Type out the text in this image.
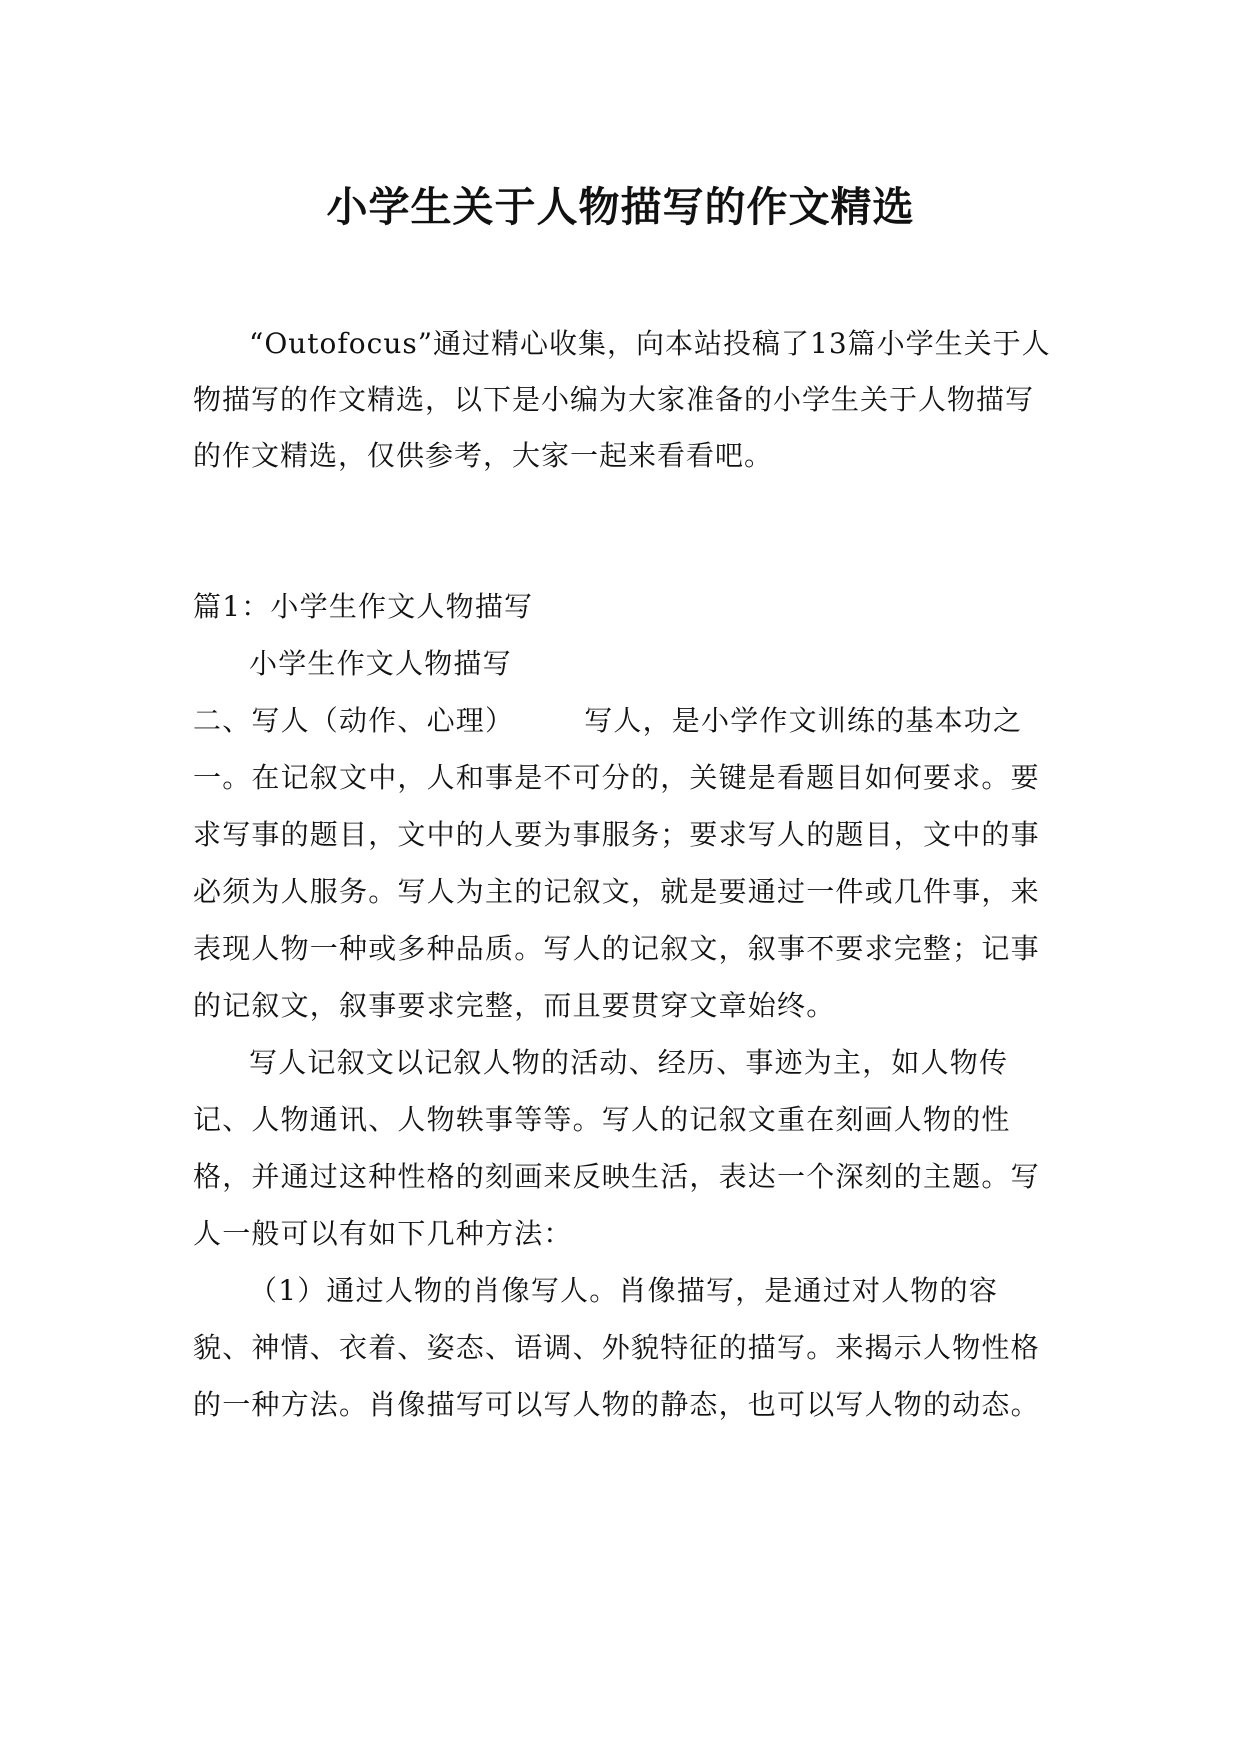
小学生关于人物描写的作文精选

“Outofocus”通过精心收集，向本站投稿了13篇小学生关于人物描写的作文精选，以下是小编为大家准备的小学生关于人物描写的作文精选，仅供参考，大家一起来看看吧。

篇1：小学生作文人物描写

小学生作文人物描写

二、写人（动作、心理）	写人，是小学作文训练的基本功之一。在记叙文中，人和事是不可分的，关键是看题目如何要求。要求写事的题目，文中的人要为事服务；要求写人的题目，文中的事必须为人服务。写人为主的记叙文，就是要通过一件或几件事，来表现人物一种或多种品质。写人的记叙文，叙事不要求完整；记事的记叙文，叙事要求完整，而且要贯穿文章始终。

写人记叙文以记叙人物的活动、经历、事迹为主，如人物传记、人物通讯、人物轶事等等。写人的记叙文重在刻画人物的性格，并通过这种性格的刻画来反映生活，表达一个深刻的主题。写人一般可以有如下几种方法：

（1）通过人物的肖像写人。肖像描写，是通过对人物的容貌、神情、衣着、姿态、语调、外貌特征的描写。来揭示人物性格的一种方法。肖像描写可以写人物的静态，也可以写人物的动态。
